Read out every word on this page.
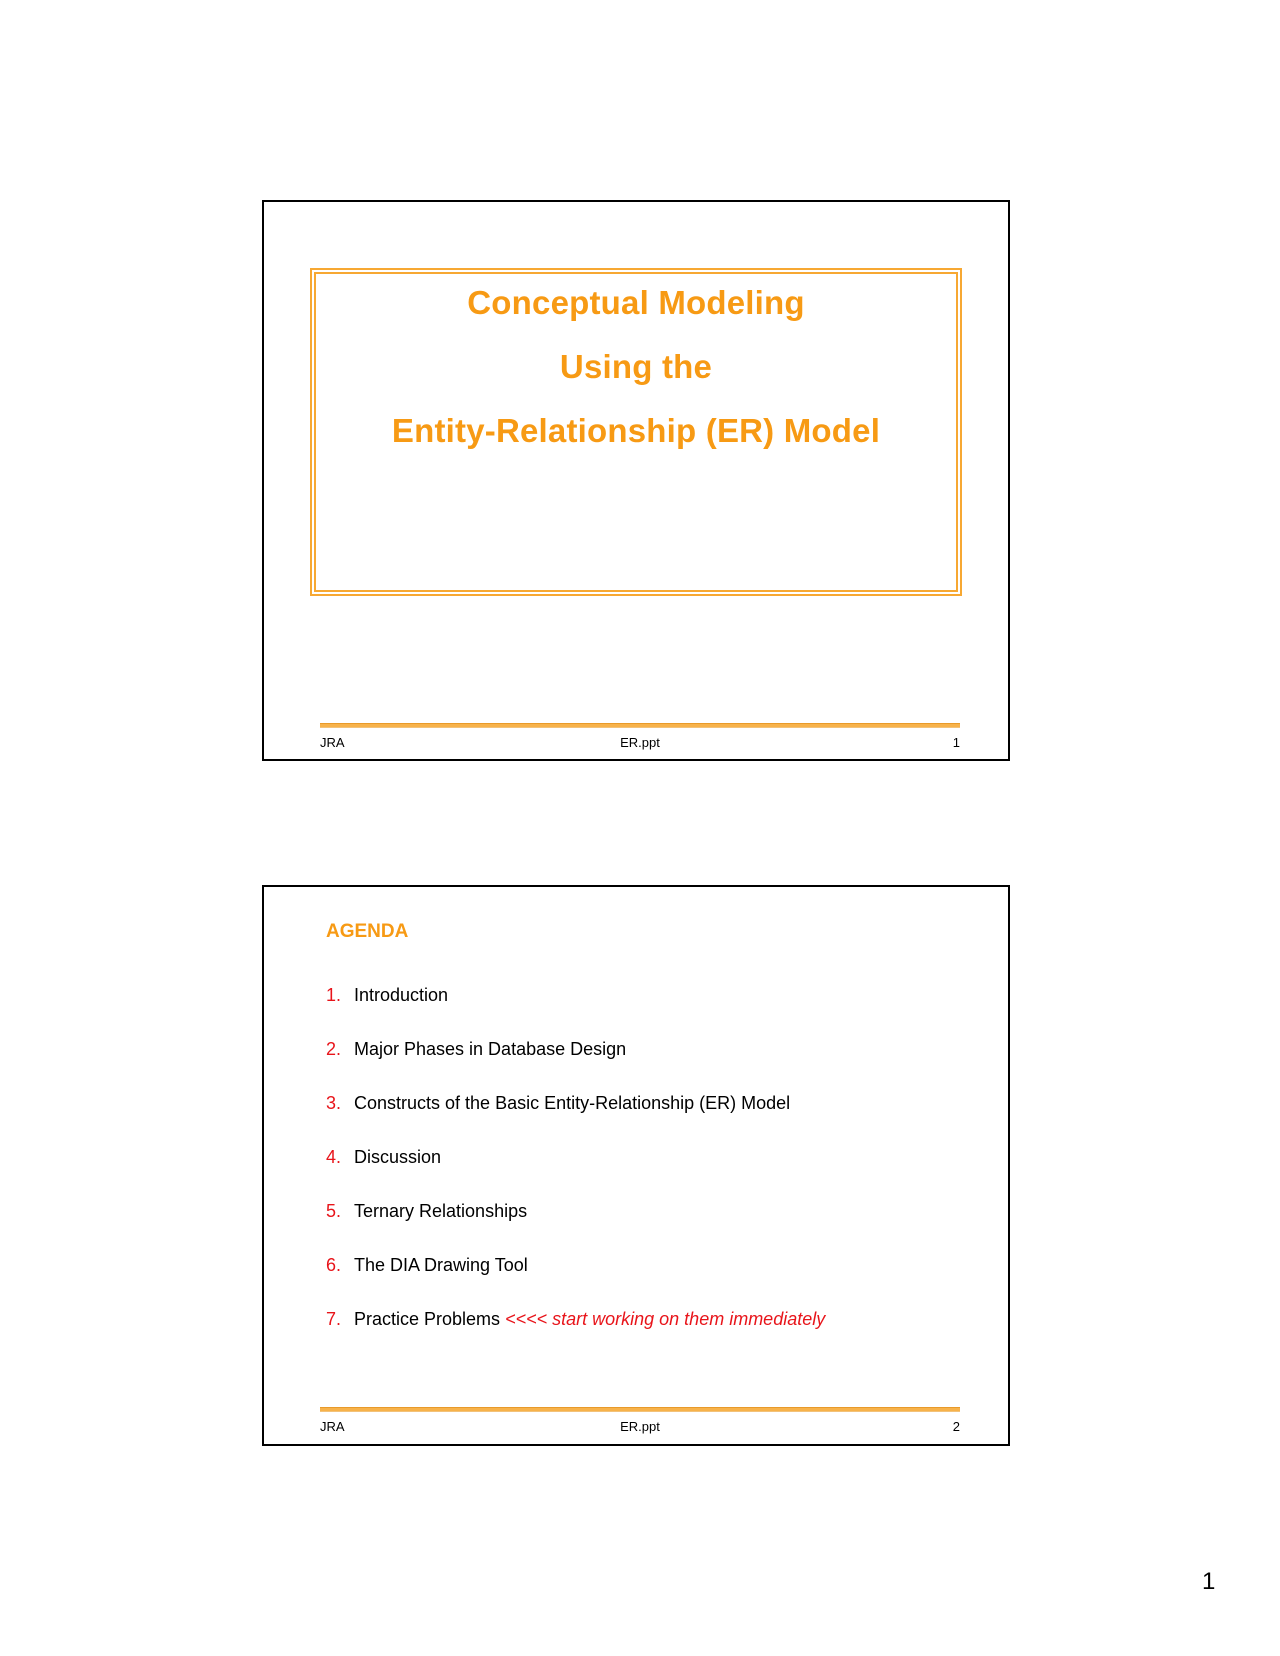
Conceptual Modeling
Using the
Entity-Relationship (ER) Model
JRA	ER.ppt	1
AGENDA
1. Introduction
2. Major Phases in Database Design
3. Constructs of the Basic Entity-Relationship (ER) Model
4. Discussion
5. Ternary Relationships
6. The DIA Drawing Tool
7. Practice Problems <<<< start working on them immediately
JRA	ER.ppt	2
1
